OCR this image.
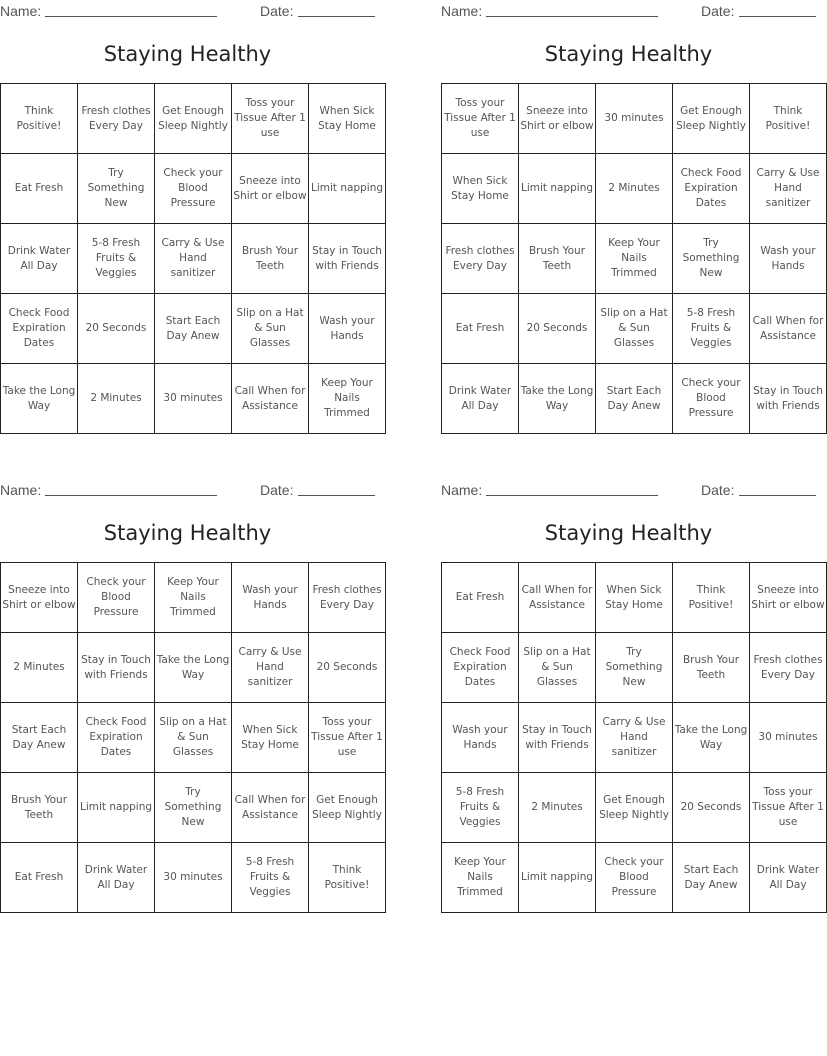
Name:	Date:
Staying Healthy
Think Positive!	Fresh clothes Every Day	Get Enough Sleep Nightly	Toss your Tissue After 1 use	When Sick Stay Home
Eat Fresh	Try Something New	Check your Blood Pressure	Sneeze into Shirt or elbow	Limit napping
Drink Water All Day	5-8 Fresh Fruits & Veggies	Carry & Use Hand sanitizer	Brush Your Teeth	Stay in Touch with Friends
Check Food Expiration Dates	20 Seconds	Start Each Day Anew	Slip on a Hat & Sun Glasses	Wash your Hands
Take the Long Way	2 Minutes	30 minutes	Call When for Assistance	Keep Your Nails Trimmed
Name:	Date:
Staying Healthy
Toss your Tissue After 1 use	Sneeze into Shirt or elbow	30 minutes	Get Enough Sleep Nightly	Think Positive!
When Sick Stay Home	Limit napping	2 Minutes	Check Food Expiration Dates	Carry & Use Hand sanitizer
Fresh clothes Every Day	Brush Your Teeth	Keep Your Nails Trimmed	Try Something New	Wash your Hands
Eat Fresh	20 Seconds	Slip on a Hat & Sun Glasses	5-8 Fresh Fruits & Veggies	Call When for Assistance
Drink Water All Day	Take the Long Way	Start Each Day Anew	Check your Blood Pressure	Stay in Touch with Friends
Name:	Date:
Staying Healthy
Sneeze into Shirt or elbow	Check your Blood Pressure	Keep Your Nails Trimmed	Wash your Hands	Fresh clothes Every Day
2 Minutes	Stay in Touch with Friends	Take the Long Way	Carry & Use Hand sanitizer	20 Seconds
Start Each Day Anew	Check Food Expiration Dates	Slip on a Hat & Sun Glasses	When Sick Stay Home	Toss your Tissue After 1 use
Brush Your Teeth	Limit napping	Try Something New	Call When for Assistance	Get Enough Sleep Nightly
Eat Fresh	Drink Water All Day	30 minutes	5-8 Fresh Fruits & Veggies	Think Positive!
Name:	Date:
Staying Healthy
Eat Fresh	Call When for Assistance	When Sick Stay Home	Think Positive!	Sneeze into Shirt or elbow
Check Food Expiration Dates	Slip on a Hat & Sun Glasses	Try Something New	Brush Your Teeth	Fresh clothes Every Day
Wash your Hands	Stay in Touch with Friends	Carry & Use Hand sanitizer	Take the Long Way	30 minutes
5-8 Fresh Fruits & Veggies	2 Minutes	Get Enough Sleep Nightly	20 Seconds	Toss your Tissue After 1 use
Keep Your Nails Trimmed	Limit napping	Check your Blood Pressure	Start Each Day Anew	Drink Water All Day
